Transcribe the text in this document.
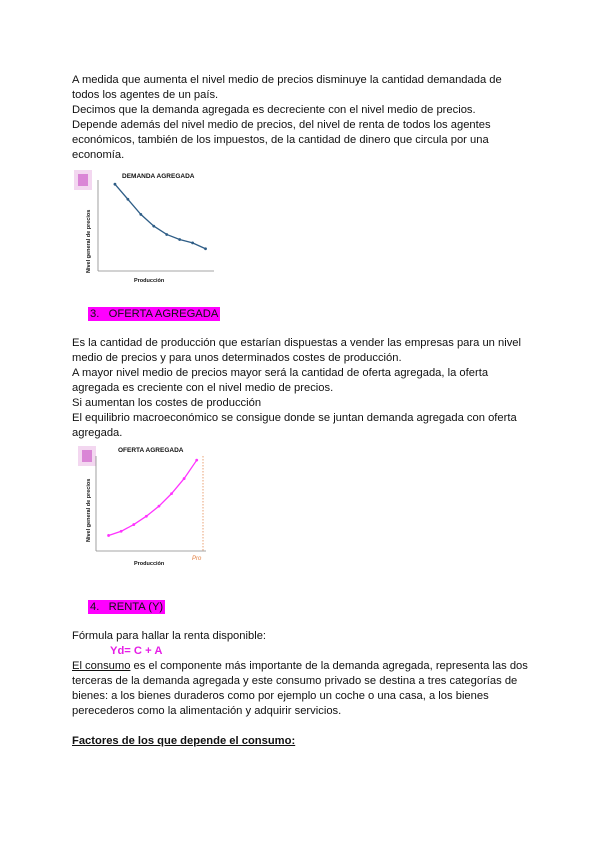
A medida que aumenta el nivel medio de precios disminuye la cantidad demandada de

todos los agentes de un país.

Decimos que la demanda agregada es decreciente con el nivel medio de precios.

Depende además del nivel medio de precios, del nivel de renta de todos los agentes

económicos, también de los impuestos, de la cantidad de dinero que circula por una

economía.

DEMANDA AGREGADA
Nivel general de precios
Producción
3. OFERTA AGREGADA

Es la cantidad de producción que estarían dispuestas a vender las empresas para un nivel

medio de precios y para unos determinados costes de producción.

A mayor nivel medio de precios mayor será la cantidad de oferta agregada, la oferta

agregada es creciente con el nivel medio de precios.

Si aumentan los costes de producción

El equilibrio macroeconómico se consigue donde se juntan demanda agregada con oferta

agregada.

OFERTA AGREGADA
Nivel general de precios
Producción
Pro
4. RENTA (Y)

Fórmula para hallar la renta disponible:

Yd= C + A

El consumo es el componente más importante de la demanda agregada, representa las dos

terceras de la demanda agregada y este consumo privado se destina a tres categorías de

bienes: a los bienes duraderos como por ejemplo un coche o una casa, a los bienes

perecederos como la alimentación y adquirir servicios.

Factores de los que depende el consumo:
